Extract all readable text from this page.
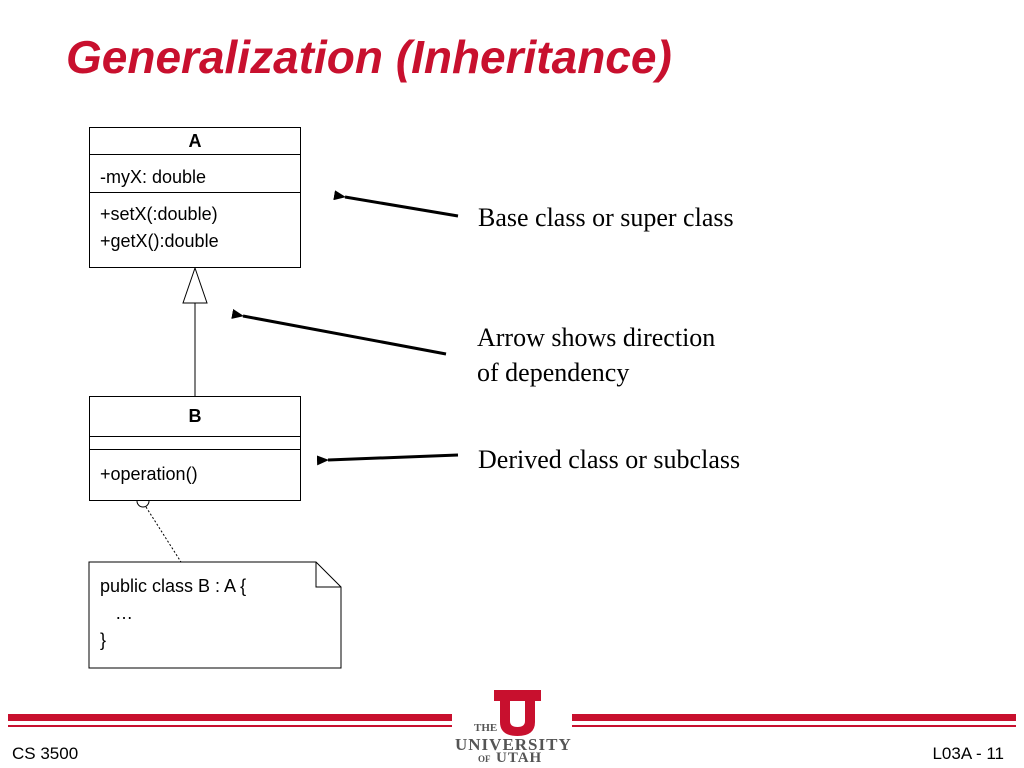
Generalization (Inheritance)
A
-myX: double
+setX(:double)
+getX():double
B
+operation()
public class B : A {
…
}
Base class or super class
Arrow shows direction
of dependency
Derived class or subclass
THE
UNIVERSITY
OF UTAH
CS 3500	L03A - 11
